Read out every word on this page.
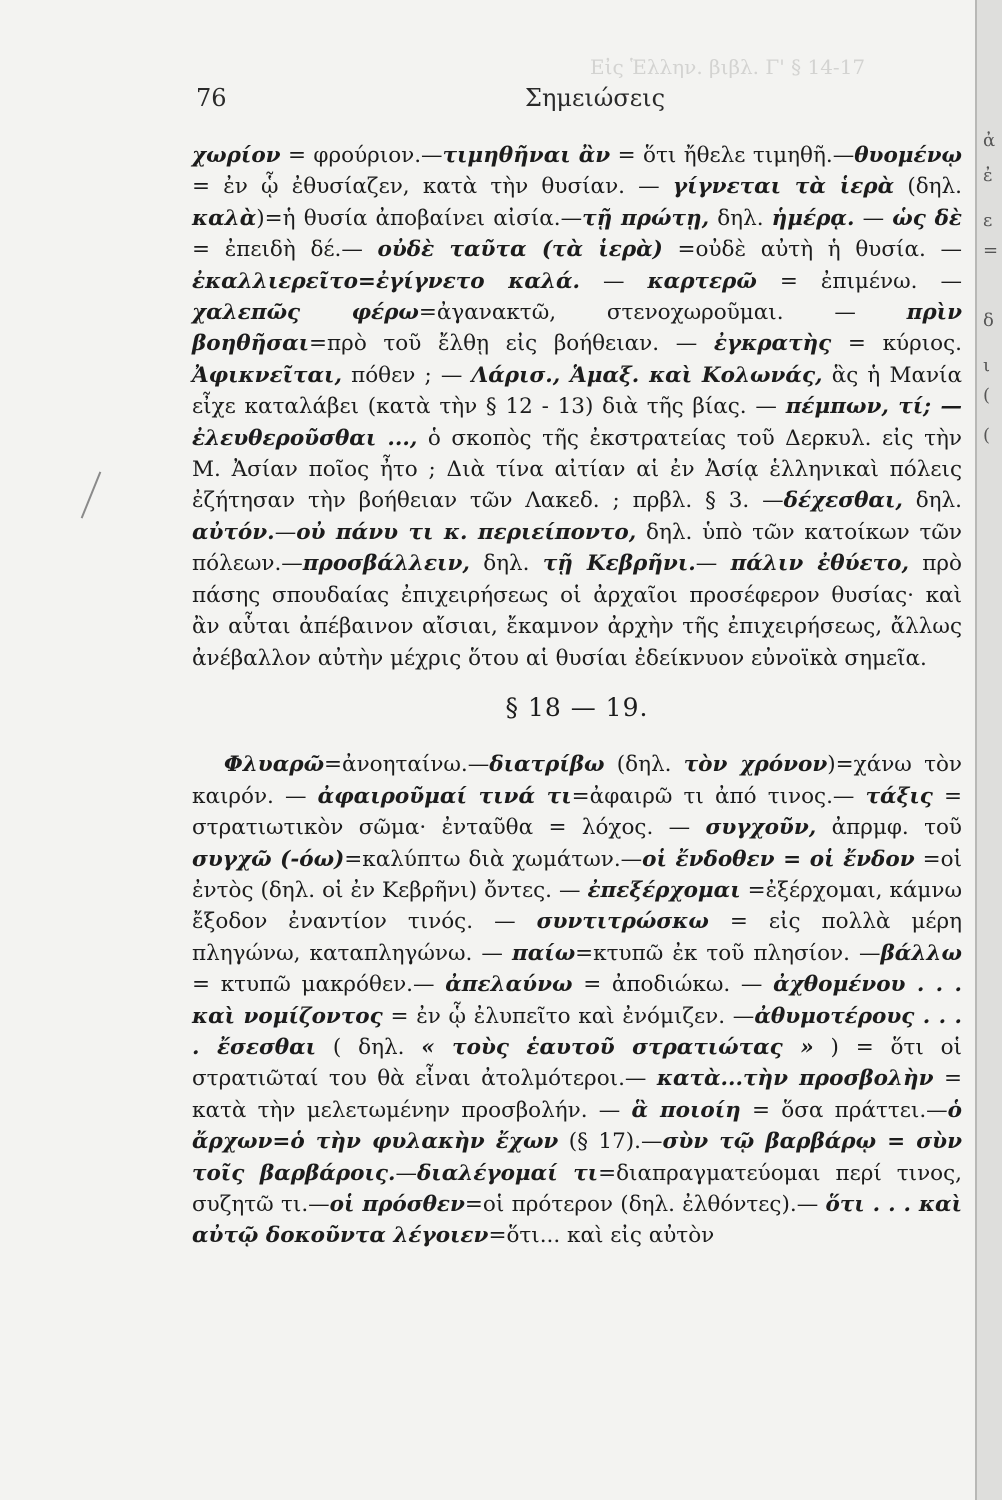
Εἰς Ἑλλην. βιβλ. Γ' § 14-17
76	Σημειώσεις

χωρίον = φρούριον.—τιμηθῆναι ἂν = ὅτι ἤθελε τιμηθῆ.—θυομένῳ = ἐν ᾧ ἐθυσίαζεν, κατὰ τὴν θυσίαν. — γίγνεται τὰ ἱερὰ (δηλ. καλὰ)=ἡ θυσία ἀποβαίνει αἰσία.—τῇ πρώτῃ, δηλ. ἡμέρᾳ. — ὡς δὲ = ἐπειδὴ δέ.— οὐδὲ ταῦτα (τὰ ἱερὰ) =οὐδὲ αὐτὴ ἡ θυσία. — ἐκαλλιερεῖτο=ἐγίγνετο καλά. — καρτερῶ = ἐπιμένω. — χαλεπῶς φέρω=ἀγανακτῶ, στενοχωροῦμαι. — πρὶν βοηθῆσαι=πρὸ τοῦ ἔλθῃ εἰς βοήθειαν. — ἐγκρατὴς = κύριος. Ἀφικνεῖται, πόθεν ; — Λάρισ., Ἁμαξ. καὶ Κολωνάς, ἃς ἡ Μανία εἶχε καταλάβει (κατὰ τὴν § 12 - 13) διὰ τῆς βίας. — πέμπων, τί; — ἐλευθεροῦσθαι ..., ὁ σκοπὸς τῆς ἐκστρατείας τοῦ Δερκυλ. εἰς τὴν Μ. Ἀσίαν ποῖος ἦτο ; Διὰ τίνα αἰτίαν αἱ ἐν Ἀσίᾳ ἑλληνικαὶ πόλεις ἐζήτησαν τὴν βοήθειαν τῶν Λακεδ. ; πρβλ. § 3. —δέχεσθαι, δηλ. αὐτόν.—οὐ πάνυ τι κ. περιείποντο, δηλ. ὑπὸ τῶν κατοίκων τῶν πόλεων.—προσβάλλειν, δηλ. τῇ Κεβρῆνι.— πάλιν ἐθύετο, πρὸ πάσης σπουδαίας ἐπιχειρήσεως οἱ ἀρχαῖοι προσέφερον θυσίας· καὶ ἂν αὗται ἀπέβαινον αἴσιαι, ἔκαμνον ἀρχὴν τῆς ἐπιχειρήσεως, ἄλλως ἀνέβαλλον αὐτὴν μέχρις ὅτου αἱ θυσίαι ἐδείκνυον εὐνοϊκὰ σημεῖα.

§ 18 — 19.

Φλυαρῶ=ἀνοηταίνω.—διατρίβω (δηλ. τὸν χρόνον)=χάνω τὸν καιρόν. — ἀφαιροῦμαί τινά τι=ἀφαιρῶ τι ἀπό τινος.— τάξις = στρατιωτικὸν σῶμα· ἐνταῦθα = λόχος. — συγχοῦν, ἀπρμφ. τοῦ συγχῶ (-όω)=καλύπτω διὰ χωμάτων.—οἱ ἔνδοθεν = οἱ ἔνδον =οἱ ἐντὸς (δηλ. οἱ ἐν Κεβρῆνι) ὄντες. — ἐπεξέρχομαι =ἐξέρχομαι, κάμνω ἔξοδον ἐναντίον τινός. — συντιτρώσκω = εἰς πολλὰ μέρη πληγώνω, καταπληγώνω. — παίω=κτυπῶ ἐκ τοῦ πλησίον. —βάλλω = κτυπῶ μακρόθεν.— ἀπελαύνω = ἀποδιώκω. — ἀχθομένου . . . καὶ νομίζοντος = ἐν ᾧ ἐλυπεῖτο καὶ ἐνόμιζεν. —ἀθυμοτέρους . . . . ἔσεσθαι ( δηλ. « τοὺς ἑαυτοῦ στρατιώτας » ) = ὅτι οἱ στρατιῶταί του θὰ εἶναι ἀτολμότεροι.— κατὰ...τὴν προσβολὴν = κατὰ τὴν μελετωμένην προσβολήν. — ἃ ποιοίη = ὅσα πράττει.—ὁ ἄρχων=ὁ τὴν φυλακὴν ἔχων (§ 17).—σὺν τῷ βαρβάρῳ = σὺν τοῖς βαρβάροις.—διαλέγομαί τι=διαπραγματεύομαι περί τινος, συζητῶ τι.—οἱ πρόσθεν=οἱ πρότερον (δηλ. ἐλθόντες).— ὅτι . . . καὶ αὐτῷ δοκοῦντα λέγοιεν=ὅτι... καὶ εἰς αὐτὸν

ἀ
ἐ
ε
=
δ
ι
(
(
